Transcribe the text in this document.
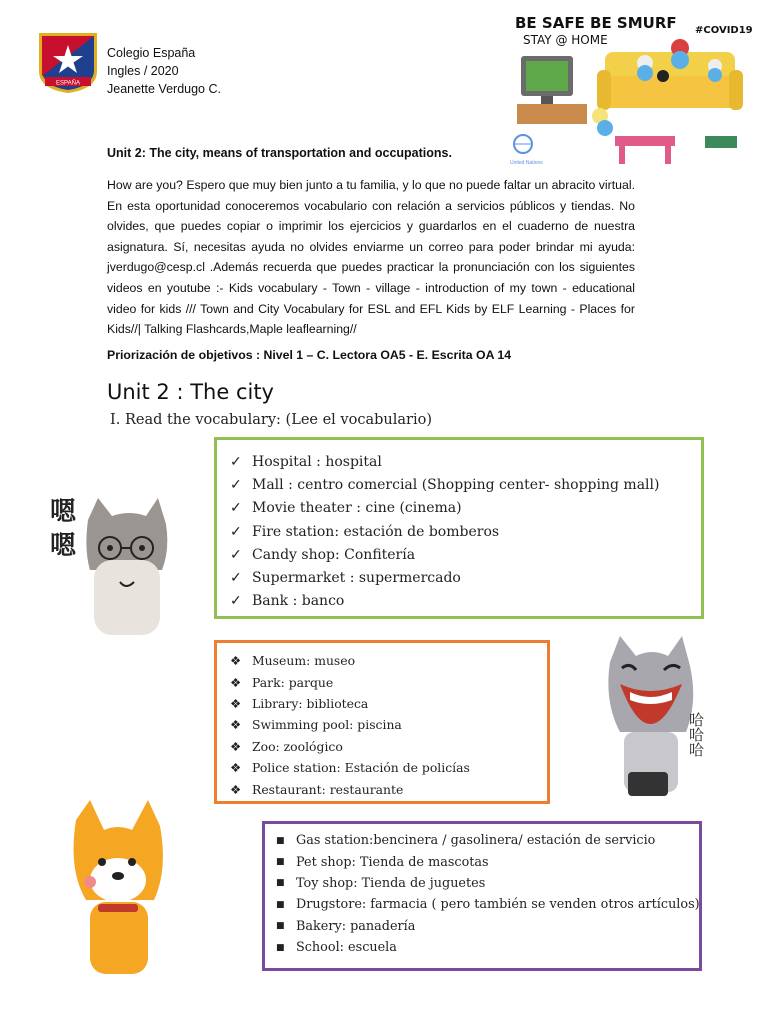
ESPAÑA
Colegio España
Ingles / 2020
Jeanette Verdugo C.
BE SAFE BE SMURF
STAY @ HOME
#COVID19
United Nations
Unit 2: The city, means of transportation and occupations.
How are you? Espero que muy bien junto a tu familia, y lo que no puede faltar un abracito virtual. En esta oportunidad conoceremos vocabulario con relación a servicios públicos y tiendas. No olvides, que puedes copiar o imprimir los ejercicios y guardarlos en el cuaderno de nuestra asignatura. Sí, necesitas ayuda no olvides enviarme un correo para poder brindar mi ayuda: jverdugo@cesp.cl .Además recuerda que puedes practicar la pronunciación con los siguientes videos en youtube :- Kids vocabulary - Town - village - introduction of my town - educational video for kids /// Town and City Vocabulary for ESL and EFL Kids by ELF Learning - Places for Kids//| Talking Flashcards,Maple leaflearning//
Priorización de objetivos : Nivel 1 – C. Lectora OA5 - E. Escrita OA 14
Unit 2 : The city
I. Read the vocabulary: (Lee el vocabulario)
嗯
嗯
✓ Hospital : hospital
✓ Mall : centro comercial (Shopping center- shopping mall)
✓ Movie theater : cine (cinema)
✓ Fire station: estación de bomberos
✓ Candy shop: Confitería
✓ Supermarket : supermercado
✓ Bank : banco
❖ Museum: museo
❖ Park: parque
❖ Library: biblioteca
❖ Swimming pool: piscina
❖ Zoo: zoológico
❖ Police station: Estación de policías
❖ Restaurant: restaurante
哈哈哈
■ Gas station:bencinera / gasolinera/ estación de servicio
■ Pet shop: Tienda de mascotas
■ Toy shop: Tienda de juguetes
■ Drugstore: farmacia ( pero también se venden otros artículos)
■ Bakery: panadería
■ School: escuela
